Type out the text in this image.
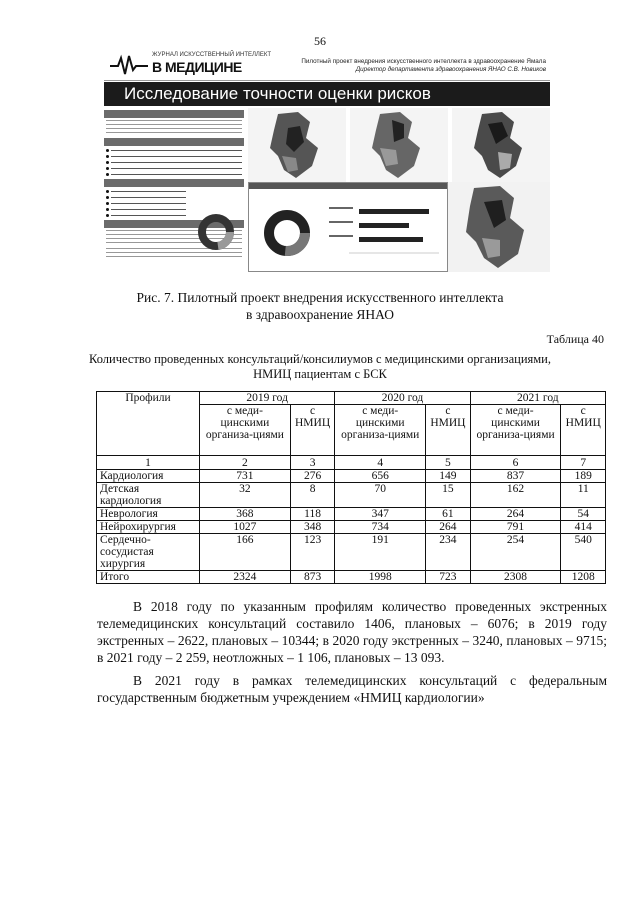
56
ЖУРНАЛ ИСКУССТВЕННЫЙ ИНТЕЛЛЕКТ
В МЕДИЦИНЕ	Пилотный проект внедрения искусственного интеллекта в здравоохранение Ямала
Директор департамента здравоохранения ЯНАО С.В. Новиков
Исследование точности оценки рисков
Рис. 7. Пилотный проект внедрения искусственного интеллекта
в здравоохранение ЯНАО
Таблица 40
Количество проведенных консультаций/консилиумов с медицинскими организациями,
НМИЦ пациентам с БСК
Профили	2019 год		2020 год		2021 год	
	с меди-цинскими организа-циями	с НМИЦ	с меди-цинскими организа-циями	с НМИЦ	с меди-цинскими организа-циями	с НМИЦ
1	2	3	4	5	6	7
Кардиология	731	276	656	149	837	189
Детская кардиология	32	8	70	15	162	11
Неврология	368	118	347	61	264	54
Нейрохирургия	1027	348	734	264	791	414
Сердечно-сосудистая хирургия	166	123	191	234	254	540
Итого	2324	873	1998	723	2308	1208
В 2018 году по указанным профилям количество проведенных экстренных телемедицинских консультаций составило 1406, плановых – 6076; в 2019 году экстренных – 2622, плановых – 10344; в 2020 году экстренных – 3240, плановых – 9715; в 2021 году – 2 259, неотложных – 1 106, плановых – 13 093.
В 2021 году в рамках телемедицинских консультаций с федеральным государственным бюджетным учреждением «НМИЦ кардиологии»
